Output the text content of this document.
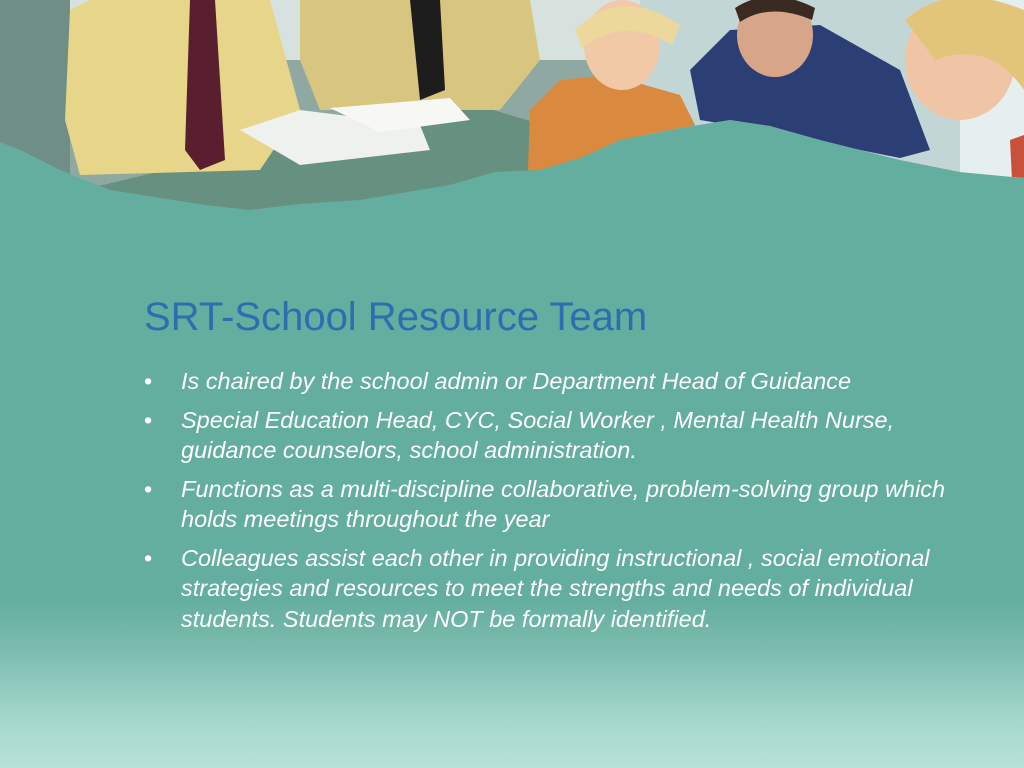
SRT-School Resource Team
• Is chaired by the school admin or Department Head of Guidance
• Special Education Head, CYC, Social Worker , Mental Health Nurse, guidance counselors, school administration.
• Functions as a multi-discipline collaborative, problem-solving group which holds meetings throughout the year
• Colleagues assist each other in providing instructional , social emotional strategies and resources to meet the strengths and needs of individual students. Students may NOT be formally identified.
